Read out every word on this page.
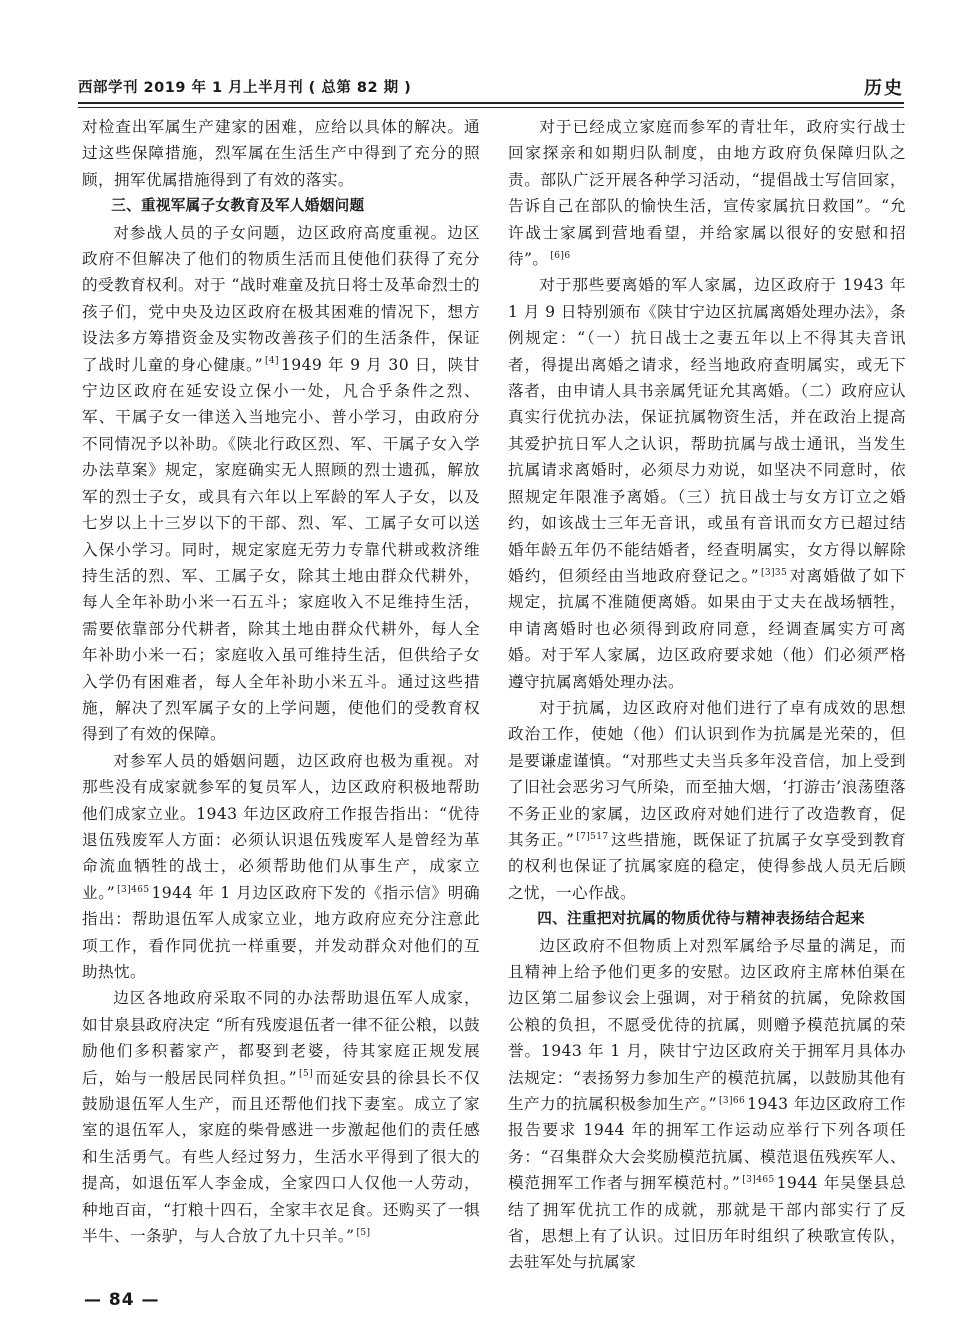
西部学刊 2019 年 1 月上半月刊 ( 总第 82 期 )	历史

对检查出军属生产建家的困难，应给以具体的解决。通过这些保障措施，烈军属在生活生产中得到了充分的照顾，拥军优属措施得到了有效的落实。

三、重视军属子女教育及军人婚姻问题

对参战人员的子女问题，边区政府高度重视。边区政府不但解决了他们的物质生活而且使他们获得了充分的受教育权利。对于 “战时难童及抗日将士及革命烈士的孩子们，党中央及边区政府在极其困难的情况下，想方设法多方筹措资金及实物改善孩子们的生活条件，保证了战时儿童的身心健康。” [4] 1949 年 9 月 30 日，陕甘宁边区政府在延安设立保小一处，凡合乎条件之烈、军、干属子女一律送入当地完小、普小学习，由政府分不同情况予以补助。《陕北行政区烈、军、干属子女入学办法草案》规定，家庭确实无人照顾的烈士遗孤，解放军的烈士子女，或具有六年以上军龄的军人子女，以及七岁以上十三岁以下的干部、烈、军、工属子女可以送入保小学习。同时，规定家庭无劳力专靠代耕或救济维持生活的烈、军、工属子女，除其土地由群众代耕外，每人全年补助小米一石五斗；家庭收入不足维持生活，需要依靠部分代耕者，除其土地由群众代耕外，每人全年补助小米一石；家庭收入虽可维持生活，但供给子女入学仍有困难者，每人全年补助小米五斗。通过这些措施，解决了烈军属子女的上学问题，使他们的受教育权得到了有效的保障。

对参军人员的婚姻问题，边区政府也极为重视。对那些没有成家就参军的复员军人，边区政府积极地帮助他们成家立业。1943 年边区政府工作报告指出：“优待退伍残废军人方面：必须认识退伍残废军人是曾经为革命流血牺牲的战士，必须帮助他们从事生产，成家立业。” $^{[3]465}$ 1944 年 1 月边区政府下发的《指示信》明确指出：帮助退伍军人成家立业，地方政府应充分注意此项工作，看作同优抗一样重要，并发动群众对他们的互助热忱。

边区各地政府采取不同的办法帮助退伍军人成家，如甘泉县政府决定 “所有残废退伍者一律不征公粮，以鼓励他们多积蓄家产，都娶到老婆，待其家庭正规发展后，始与一般居民同样负担。” [5] 而延安县的徐县长不仅鼓励退伍军人生产，而且还帮他们找下妻室。成立了家室的退伍军人，家庭的柴骨感进一步激起他们的责任感和生活勇气。有些人经过努力，生活水平得到了很大的提高，如退伍军人李金成，全家四口人仅他一人劳动，种地百亩，“打粮十四石，全家丰衣足食。还购买了一犋半牛、一条驴，与人合放了九十只羊。” [5]

对于已经成立家庭而参军的青壮年，政府实行战士回家探亲和如期归队制度，由地方政府负保障归队之责。部队广泛开展各种学习活动，“提倡战士写信回家，告诉自己在部队的愉快生活，宣传家属抗日救国”。“允许战士家属到营地看望，并给家属以很好的安慰和招待”。 $^{[6]6}$

对于那些要离婚的军人家属，边区政府于 1943 年 1 月 9 日特别颁布《陕甘宁边区抗属离婚处理办法》，条例规定：“（一）抗日战士之妻五年以上不得其夫音讯者，得提出离婚之请求，经当地政府查明属实，或无下落者，由申请人具书亲属凭证允其离婚。（二）政府应认真实行优抗办法，保证抗属物资生活，并在政治上提高其爱护抗日军人之认识，帮助抗属与战士通讯，当发生抗属请求离婚时，必须尽力劝说，如坚决不同意时，依照规定年限准予离婚。（三）抗日战士与女方订立之婚约，如该战士三年无音讯，或虽有音讯而女方已超过结婚年龄五年仍不能结婚者，经查明属实，女方得以解除婚约，但须经由当地政府登记之。” $^{[3]35}$ 对离婚做了如下规定，抗属不准随便离婚。如果由于丈夫在战场牺牲，申请离婚时也必须得到政府同意，经调查属实方可离婚。对于军人家属，边区政府要求她（他）们必须严格遵守抗属离婚处理办法。

对于抗属，边区政府对他们进行了卓有成效的思想政治工作，使她（他）们认识到作为抗属是光荣的，但是要谦虚谨慎。“对那些丈夫当兵多年没音信，加上受到了旧社会恶劣习气所染，而至抽大烟，‘打游击’浪荡堕落不务正业的家属，边区政府对她们进行了改造教育，促其务正。” $^{[7]517}$ 这些措施，既保证了抗属子女享受到教育的权利也保证了抗属家庭的稳定，使得参战人员无后顾之忧，一心作战。

四、注重把对抗属的物质优待与精神表扬结合起来

边区政府不但物质上对烈军属给予尽量的满足，而且精神上给予他们更多的安慰。边区政府主席林伯渠在边区第二届参议会上强调，对于稍贫的抗属，免除救国公粮的负担，不愿受优待的抗属，则赠予模范抗属的荣誉。1943 年 1 月，陕甘宁边区政府关于拥军月具体办法规定：“表扬努力参加生产的模范抗属，以鼓励其他有生产力的抗属积极参加生产。” $^{[3]66}$ 1943 年边区政府工作报告要求 1944 年的拥军工作运动应举行下列各项任务：“召集群众大会奖励模范抗属、模范退伍残疾军人、模范拥军工作者与拥军模范村。” $^{[3]465}$ 1944 年吴堡县总结了拥军优抗工作的成就，那就是干部内部实行了反省，思想上有了认识。过旧历年时组织了秧歌宣传队，去驻军处与抗属家

— 84 —
